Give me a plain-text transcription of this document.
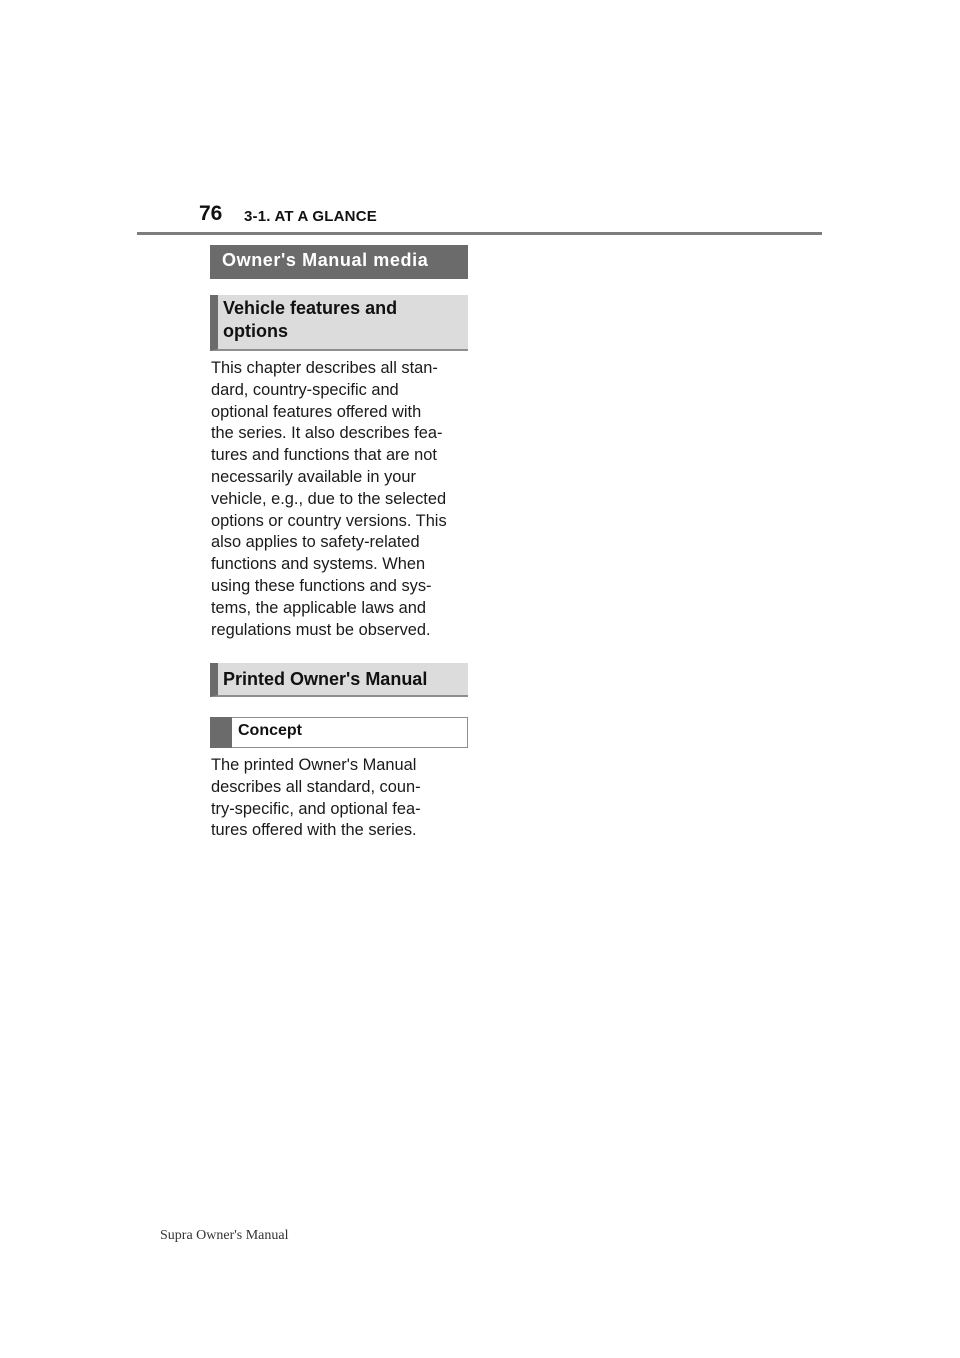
76 3-1. AT A GLANCE
Owner's Manual media
Vehicle features and
options
This chapter describes all stan-
dard, country-specific and
optional features offered with
the series. It also describes fea-
tures and functions that are not
necessarily available in your
vehicle, e.g., due to the selected
options or country versions. This
also applies to safety-related
functions and systems. When
using these functions and sys-
tems, the applicable laws and
regulations must be observed.
Printed Owner's Manual
Concept
The printed Owner's Manual
describes all standard, coun-
try-specific, and optional fea-
tures offered with the series.
Supra Owner's Manual
